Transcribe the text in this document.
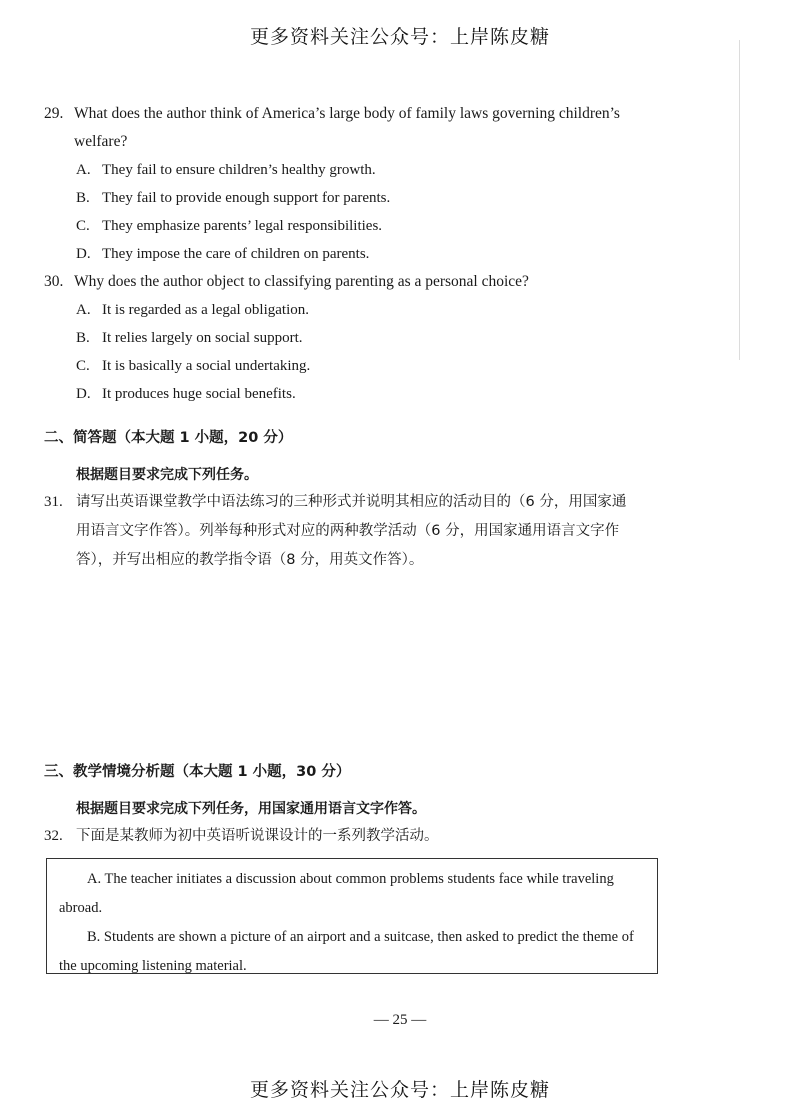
更多资料关注公众号：上岸陈皮糖
29. What does the author think of America’s large body of family laws governing children’s
welfare?
A. They fail to ensure children’s healthy growth.
B. They fail to provide enough support for parents.
C. They emphasize parents’ legal responsibilities.
D. They impose the care of children on parents.
30. Why does the author object to classifying parenting as a personal choice?
A. It is regarded as a legal obligation.
B. It relies largely on social support.
C. It is basically a social undertaking.
D. It produces huge social benefits.
二、简答题（本大题 1 小题，20 分）
根据题目要求完成下列任务。
31. 请写出英语课堂教学中语法练习的三种形式并说明其相应的活动目的（6 分，用国家通
用语言文字作答）。列举每种形式对应的两种教学活动（6 分，用国家通用语言文字作
答），并写出相应的教学指令语（8 分，用英文作答）。
三、教学情境分析题（本大题 1 小题，30 分）
根据题目要求完成下列任务，用国家通用语言文字作答。
32. 下面是某教师为初中英语听说课设计的一系列教学活动。

A. The teacher initiates a discussion about common problems students face while traveling abroad.

B. Students are shown a picture of an airport and a suitcase, then asked to predict the theme of the upcoming listening material.

— 25 —
更多资料关注公众号：上岸陈皮糖
